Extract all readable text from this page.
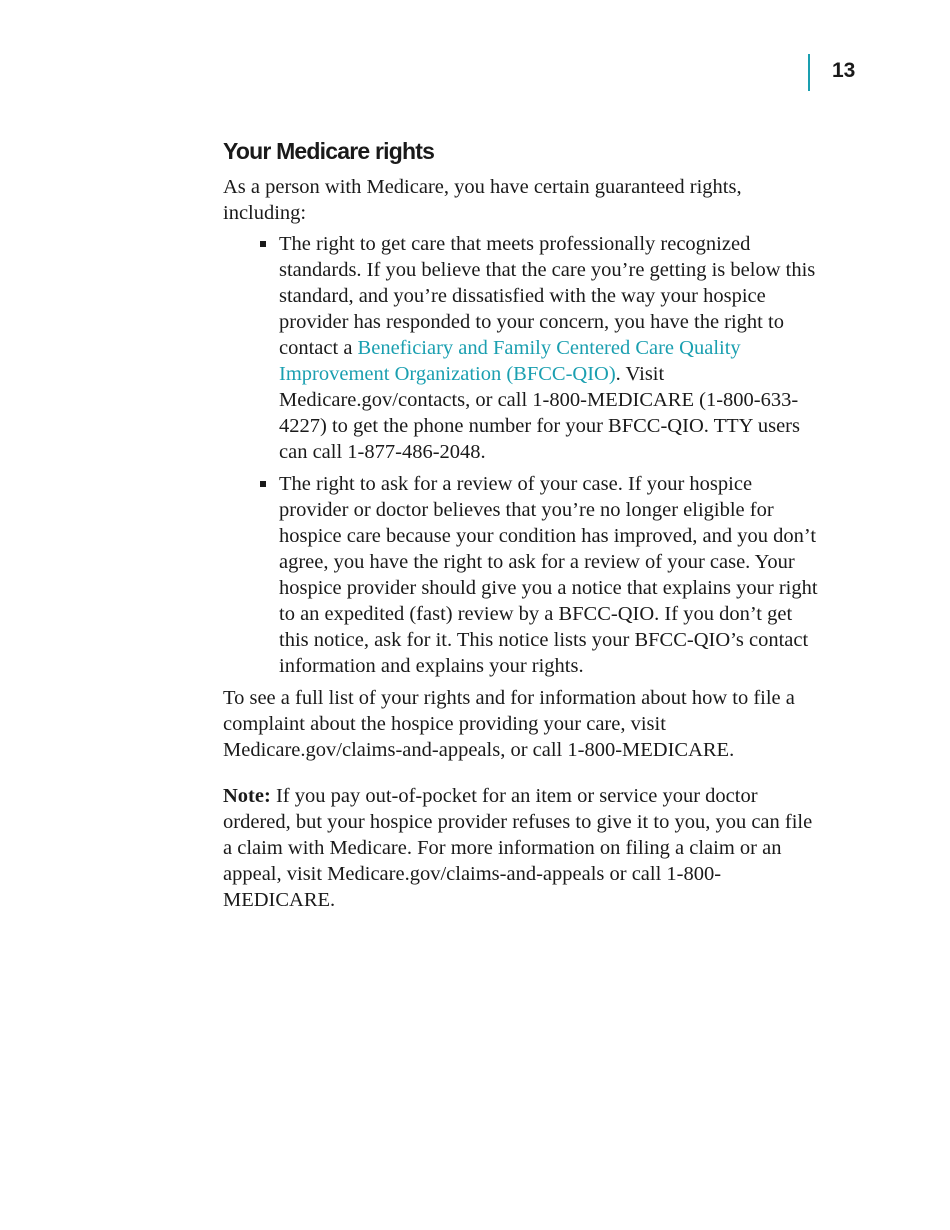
13
Your Medicare rights

As a person with Medicare, you have certain guaranteed rights, including:

The right to get care that meets professionally recognized standards. If you believe that the care you’re getting is below this standard, and you’re dissatisfied with the way your hospice provider has responded to your concern, you have the right to contact a Beneficiary and Family Centered Care Quality Improvement Organization (BFCC-QIO). Visit Medicare.gov/contacts, or call 1-800-MEDICARE (1-800-633-4227) to get the phone number for your BFCC-QIO. TTY users can call 1-877-486-2048.
The right to ask for a review of your case. If your hospice provider or doctor believes that you’re no longer eligible for hospice care because your condition has improved, and you don’t agree, you have the right to ask for a review of your case. Your hospice provider should give you a notice that explains your right to an expedited (fast) review by a BFCC-QIO. If you don’t get this notice, ask for it. This notice lists your BFCC-QIO’s contact information and explains your rights.

To see a full list of your rights and for information about how to file a complaint about the hospice providing your care, visit Medicare.gov/claims-and-appeals, or call 1-800-MEDICARE.

Note: If you pay out-of-pocket for an item or service your doctor ordered, but your hospice provider refuses to give it to you, you can file a claim with Medicare. For more information on filing a claim or an appeal, visit Medicare.gov/claims-and-appeals or call 1-800-MEDICARE.
